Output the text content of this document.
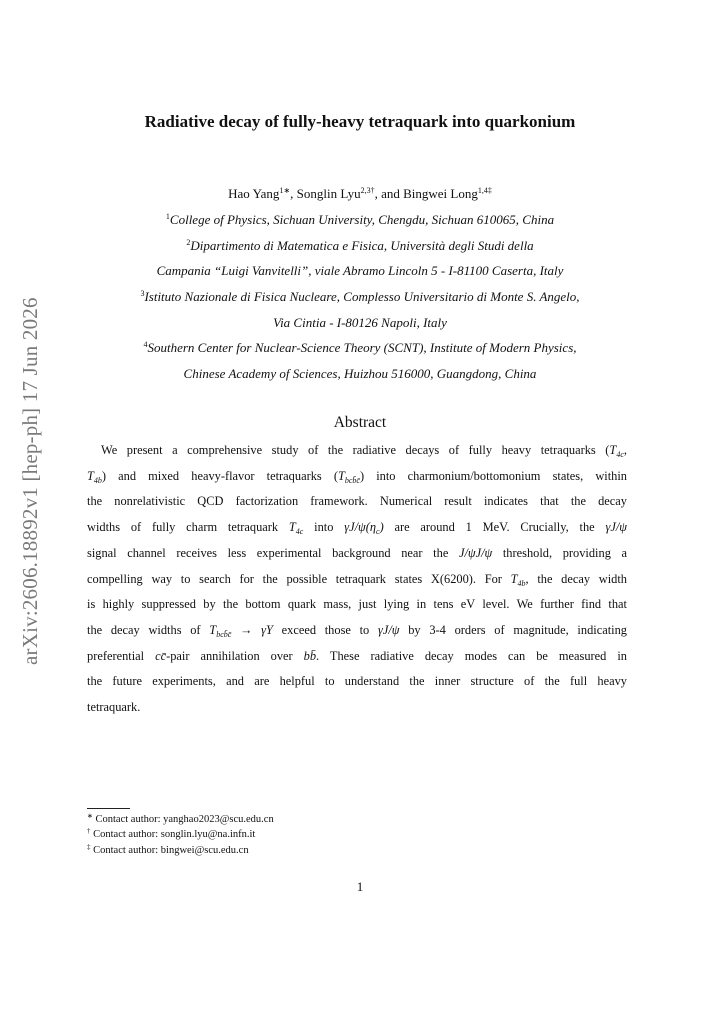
arXiv:2606.18892v1 [hep-ph] 17 Jun 2026
Radiative decay of fully-heavy tetraquark into quarkonium
Hao Yang$^{1∗}$, Songlin Lyu$^{2,3\dagger}$, and Bingwei Long$^{1,4\ddagger}$
$^1$College of Physics, Sichuan University, Chengdu, Sichuan 610065, China
$^2$Dipartimento di Matematica e Fisica, Università degli Studi della
Campania “Luigi Vanvitelli”, viale Abramo Lincoln 5 - I-81100 Caserta, Italy
$^3$Istituto Nazionale di Fisica Nucleare, Complesso Universitario di Monte S. Angelo,
Via Cintia - I-80126 Napoli, Italy
$^4$Southern Center for Nuclear-Science Theory (SCNT), Institute of Modern Physics,
Chinese Academy of Sciences, Huizhou 516000, Guangdong, China
Abstract
We present a comprehensive study of the radiative decays of fully heavy tetraquarks ($T_{4c}$,
$T_{4b}$) and mixed heavy-flavor tetraquarks $(T_{bcb̄c̄})$ into charmonium/bottomonium states, within
the nonrelativistic QCD factorization framework. Numerical result indicates that the decay
widths of fully charm tetraquark $T_{4c}$ into $\gamma J/\psi(\eta_c)$ are around 1 MeV. Crucially, the γJ/ψ
signal channel receives less experimental background near the J/ψJ/ψ threshold, providing a
compelling way to search for the possible tetraquark states X(6200). For $T_{4b}$, the decay width
is highly suppressed by the bottom quark mass, just lying in tens eV level. We further find that
the decay widths of $T_{bcb̄c̄} \to \gamma\Upsilon$ exceed those to γJ/ψ by 3-4 orders of magnitude, indicating
preferential cc̄-pair annihilation over bb̄. These radiative decay modes can be measured in
the future experiments, and are helpful to understand the inner structure of the full heavy
tetraquark.
∗ Contact author: yanghao2023@scu.edu.cn
† Contact author: songlin.lyu@na.infn.it
‡ Contact author: bingwei@scu.edu.cn
1
